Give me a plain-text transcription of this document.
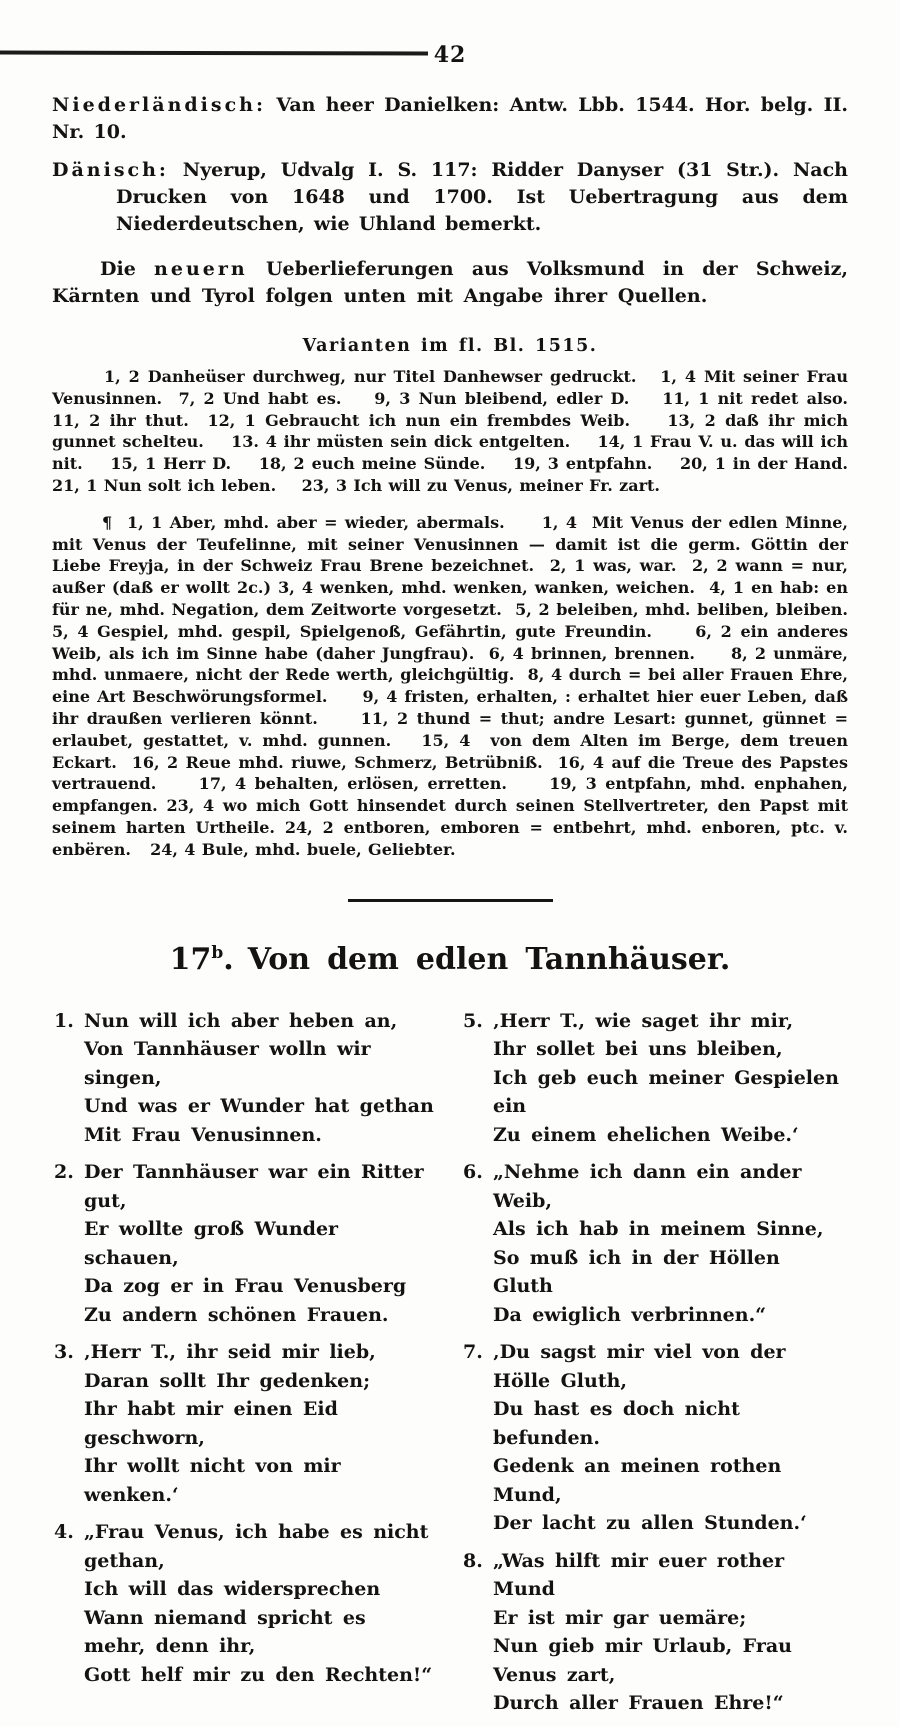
42

Niederländisch: Van heer Danielken: Antw. Lbb. 1544. Hor. belg. II. Nr. 10.

Dänisch: Nyerup, Udvalg I. S. 117: Ridder Danyser (31 Str.). Nach Drucken von 1648 und 1700. Ist Uebertragung aus dem Niederdeutschen, wie Uhland bemerkt.

Die neuern Ueberlieferungen aus Volksmund in der Schweiz, Kärnten und Tyrol folgen unten mit Angabe ihrer Quellen.

Varianten im fl. Bl. 1515.

1, 2 Danheüser durchweg, nur Titel Danhewser gedruckt.   1, 4 Mit seiner Frau Venusinnen.  7, 2 Und habt es.    9, 3 Nun bleibend, edler D.    11, 1 nit redet also.    11, 2 ihr thut.  12, 1 Gebraucht ich nun ein frembdes Weib.    13, 2 daß ihr mich gunnet schelteu.    13. 4 ihr müsten sein dick entgelten.    14, 1 Frau V. u. das will ich nit.    15, 1 Herr D.    18, 2 euch meine Sünde.    19, 3 entpfahn.    20, 1 in der Hand.    21, 1 Nun solt ich leben.    23, 3 Ich will zu Venus, meiner Fr. zart.

¶ 1, 1 Aber, mhd. aber = wieder, abermals.     1, 4  Mit Venus der edlen Minne, mit Venus der Teufelinne, mit seiner Venusinnen — damit ist die germ. Göttin der Liebe Freyja, in der Schweiz Frau Brene bezeichnet.  2, 1 was, war.  2, 2 wann = nur, außer (daß er wollt 2c.) 3, 4 wenken, mhd. wenken, wanken, weichen.  4, 1 en hab: en für ne, mhd. Negation, dem Zeitworte vorgesetzt.  5, 2 beleiben, mhd. beliben, bleiben.  5, 4 Gespiel, mhd. gespil, Spielgenoß, Gefährtin, gute Freundin.     6, 2 ein anderes Weib, als ich im Sinne habe (daher Jungfrau).  6, 4 brinnen, brennen.     8, 2 unmäre, mhd. unmaere, nicht der Rede werth, gleichgültig.  8, 4 durch = bei aller Frauen Ehre, eine Art Beschwörungsformel.     9, 4 fristen, erhalten, : erhaltet hier euer Leben, daß ihr draußen verlieren könnt.     11, 2 thund = thut; andre Lesart: gunnet, günnet = erlaubet, gestattet, v. mhd. gunnen.   15, 4  von dem Alten im Berge, dem treuen Eckart.  16, 2 Reue mhd. riuwe, Schmerz, Betrübniß.  16, 4 auf die Treue des Papstes vertrauend.     17, 4 behalten, erlösen, erretten.     19, 3 entpfahn, mhd. enphahen, empfangen. 23, 4 wo mich Gott hinsendet durch seinen Stellvertreter, den Papst mit seinem harten Urtheile. 24, 2 entboren, emboren = entbehrt, mhd. enboren, ptc. v. enbëren.   24, 4 Bule, mhd. buele, Geliebter.

17$^b$. Von dem edlen Tannhäuser.
1. Nun will ich aber heben an,
Von Tannhäuser wolln wir singen,
Und was er Wunder hat gethan
Mit Frau Venusinnen.
2. Der Tannhäuser war ein Ritter gut,
Er wollte groß Wunder schauen,
Da zog er in Frau Venusberg
Zu andern schönen Frauen.
3. ‚Herr T., ihr seid mir lieb,
Daran sollt Ihr gedenken;
Ihr habt mir einen Eid geschworn,
Ihr wollt nicht von mir wenken.‘
4. „Frau Venus, ich habe es nicht gethan,
Ich will das widersprechen
Wann niemand spricht es mehr, denn ihr,
Gott helf mir zu den Rechten!“
5. ‚Herr T., wie saget ihr mir,
Ihr sollet bei uns bleiben,
Ich geb euch meiner Gespielen ein
Zu einem ehelichen Weibe.‘
6. „Nehme ich dann ein ander Weib,
Als ich hab in meinem Sinne,
So muß ich in der Höllen Gluth
Da ewiglich verbrinnen.“
7. ‚Du sagst mir viel von der Hölle Gluth,
Du hast es doch nicht befunden.
Gedenk an meinen rothen Mund,
Der lacht zu allen Stunden.‘
8. „Was hilft mir euer rother Mund
Er ist mir gar uemäre;
Nun gieb mir Urlaub, Frau Venus zart,
Durch aller Frauen Ehre!“
